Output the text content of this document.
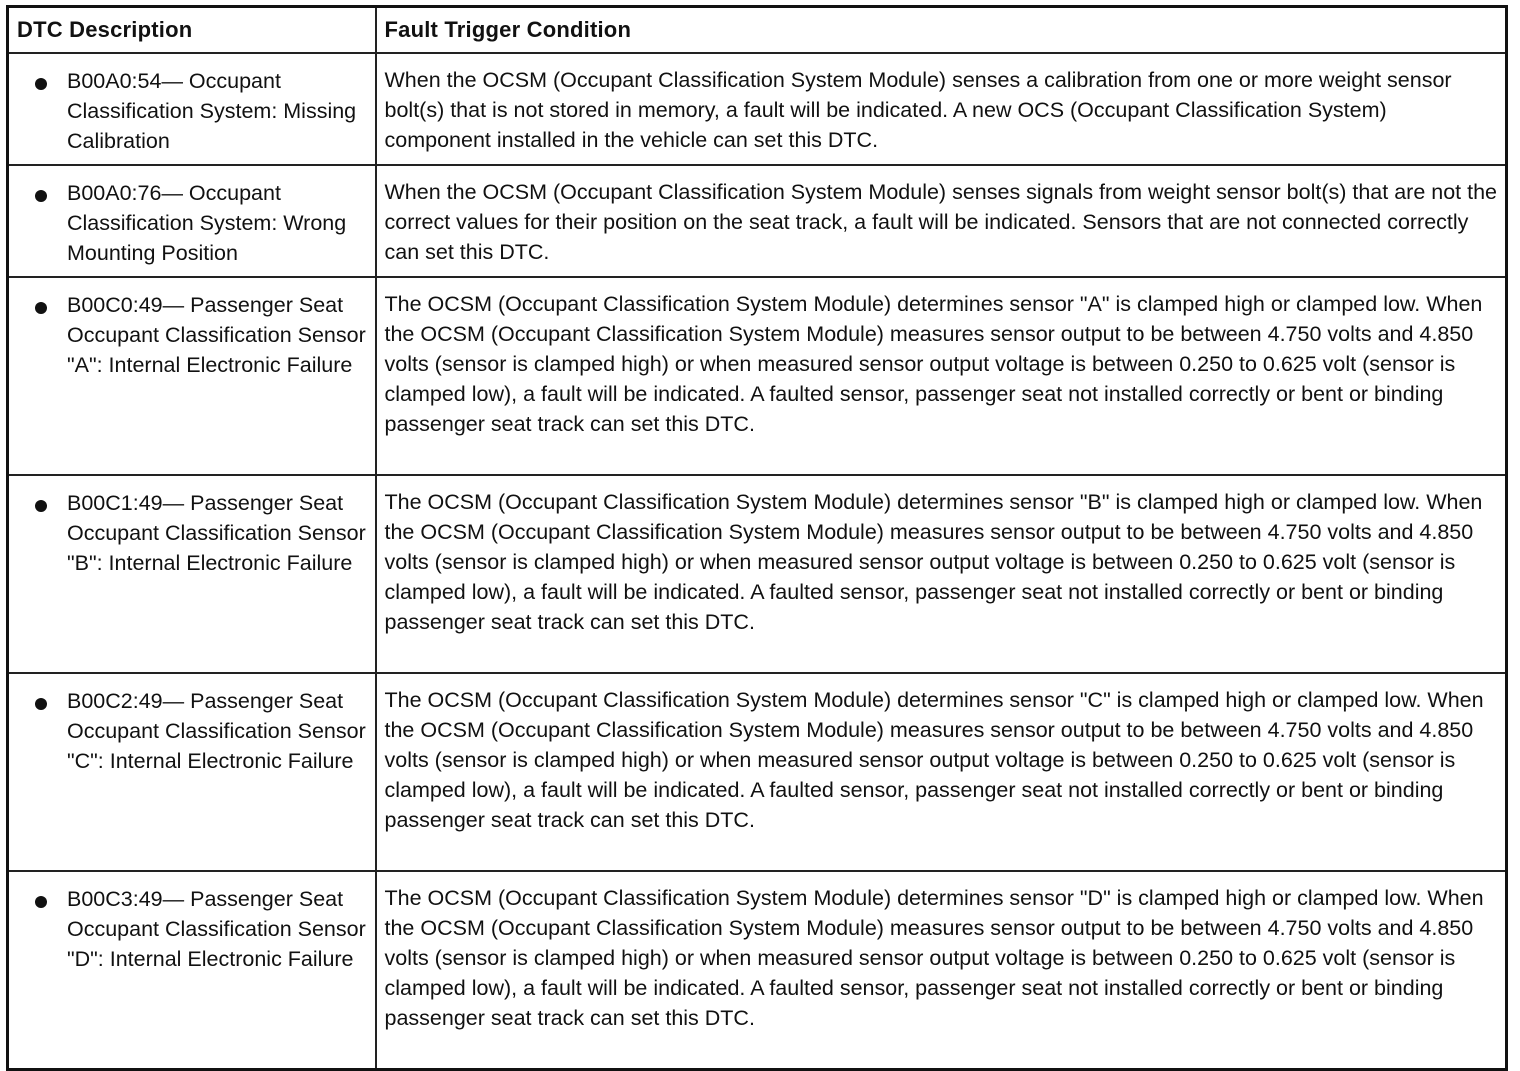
DTC Description	Fault Trigger Condition

B00A0:54— Occupant Classification System: Missing Calibration	When the OCSM (Occupant Classification System Module) senses a calibration from one or more weight sensor bolt(s) that is not stored in memory, a fault will be indicated. A new OCS (Occupant Classification System) component installed in the vehicle can set this DTC.

B00A0:76— Occupant Classification System: Wrong Mounting Position	When the OCSM (Occupant Classification System Module) senses signals from weight sensor bolt(s) that are not the correct values for their position on the seat track, a fault will be indicated. Sensors that are not connected correctly can set this DTC.

B00C0:49— Passenger Seat Occupant Classification Sensor "A": Internal Electronic Failure	The OCSM (Occupant Classification System Module) determines sensor "A" is clamped high or clamped low. When the OCSM (Occupant Classification System Module) measures sensor output to be between 4.750 volts and 4.850 volts (sensor is clamped high) or when measured sensor output voltage is between 0.250 to 0.625 volt (sensor is clamped low), a fault will be indicated. A faulted sensor, passenger seat not installed correctly or bent or binding passenger seat track can set this DTC.

B00C1:49— Passenger Seat Occupant Classification Sensor "B": Internal Electronic Failure	The OCSM (Occupant Classification System Module) determines sensor "B" is clamped high or clamped low. When the OCSM (Occupant Classification System Module) measures sensor output to be between 4.750 volts and 4.850 volts (sensor is clamped high) or when measured sensor output voltage is between 0.250 to 0.625 volt (sensor is clamped low), a fault will be indicated. A faulted sensor, passenger seat not installed correctly or bent or binding passenger seat track can set this DTC.

B00C2:49— Passenger Seat Occupant Classification Sensor "C": Internal Electronic Failure	The OCSM (Occupant Classification System Module) determines sensor "C" is clamped high or clamped low. When the OCSM (Occupant Classification System Module) measures sensor output to be between 4.750 volts and 4.850 volts (sensor is clamped high) or when measured sensor output voltage is between 0.250 to 0.625 volt (sensor is clamped low), a fault will be indicated. A faulted sensor, passenger seat not installed correctly or bent or binding passenger seat track can set this DTC.

B00C3:49— Passenger Seat Occupant Classification Sensor "D": Internal Electronic Failure	The OCSM (Occupant Classification System Module) determines sensor "D" is clamped high or clamped low. When the OCSM (Occupant Classification System Module) measures sensor output to be between 4.750 volts and 4.850 volts (sensor is clamped high) or when measured sensor output voltage is between 0.250 to 0.625 volt (sensor is clamped low), a fault will be indicated. A faulted sensor, passenger seat not installed correctly or bent or binding passenger seat track can set this DTC.
